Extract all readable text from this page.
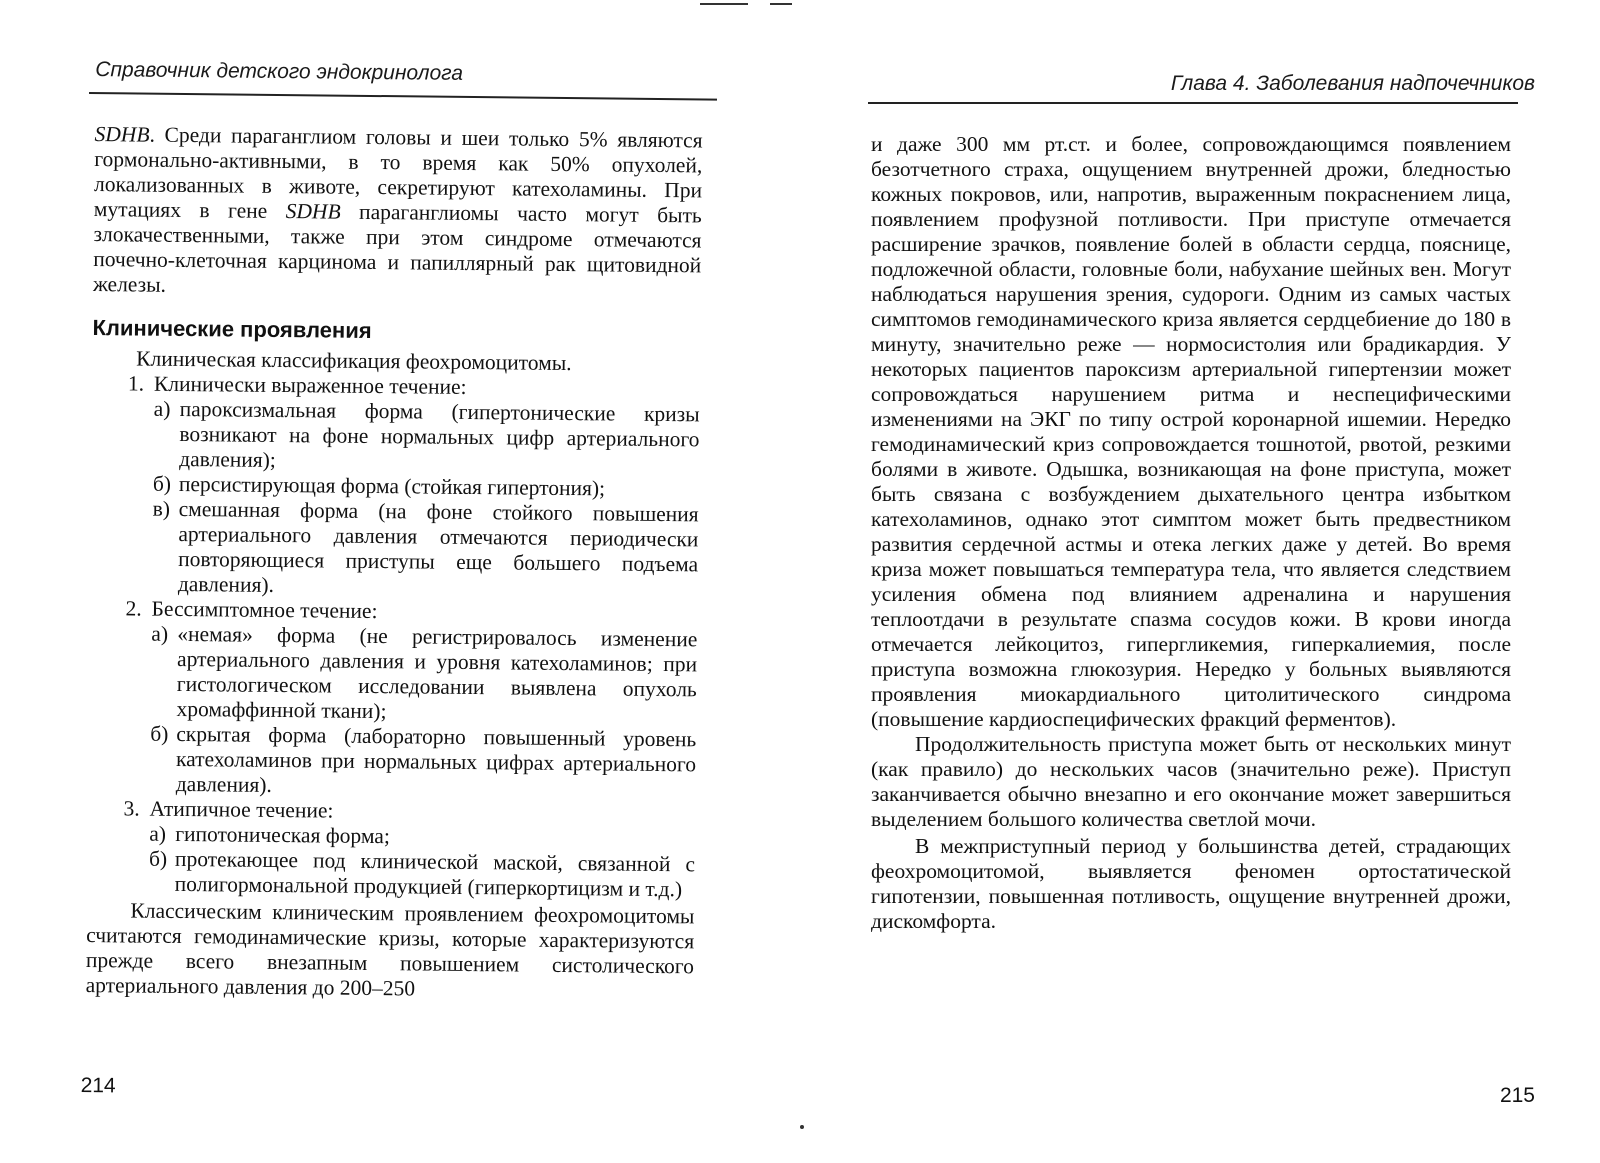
Справочник детского эндокринолога

SDHB. Среди параганглиом головы и шеи только 5% являются гормонально-активными, в то время как 50% опухолей, локализованных в животе, секретируют катехоламины. При мутациях в гене SDHB параганглиомы часто могут быть злокачественными, также при этом синдроме отмечаются почечно-клеточная карцинома и папиллярный рак щитовидной железы.

Клинические проявления

Клиническая классификация феохромоцитомы.

1. Клинически выраженное течение:
а) пароксизмальная форма (гипертонические кризы возникают на фоне нормальных цифр артериального давления);
б) персистирующая форма (стойкая гипертония);
в) смешанная форма (на фоне стойкого повышения артериального давления отмечаются периодически повторяющиеся приступы еще большего подъема давления).
2. Бессимптомное течение:
а) «немая» форма (не регистрировалось изменение артериального давления и уровня катехоламинов; при гистологическом исследовании выявлена опухоль хромаффинной ткани);
б) скрытая форма (лабораторно повышенный уровень катехоламинов при нормальных цифрах артериального давления).
3. Атипичное течение:
а) гипотоническая форма;
б) протекающее под клинической маской, связанной с полигормональной продукцией (гиперкортицизм и т.д.)

Классическим клиническим проявлением феохромоцитомы считаются гемодинамические кризы, которые характеризуются прежде всего внезапным повышением систолического артериального давления до 200–250

214
Глава 4. Заболевания надпочечников

и даже 300 мм рт.ст. и более, сопровождающимся появлением безотчетного страха, ощущением внутренней дрожи, бледностью кожных покровов, или, напротив, выраженным покраснением лица, появлением профузной потливости. При приступе отмечается расширение зрачков, появление болей в области сердца, пояснице, подложечной области, головные боли, набухание шейных вен. Могут наблюдаться нарушения зрения, судороги. Одним из самых частых симптомов гемодинамического криза является сердцебиение до 180 в минуту, значительно реже — нормосистолия или брадикардия. У некоторых пациентов пароксизм артериальной гипертензии может сопровождаться нарушением ритма и неспецифическими изменениями на ЭКГ по типу острой коронарной ишемии. Нередко гемодинамический криз сопровождается тошнотой, рвотой, резкими болями в животе. Одышка, возникающая на фоне приступа, может быть связана с возбуждением дыхательного центра избытком катехоламинов, однако этот симптом может быть предвестником развития сердечной астмы и отека легких даже у детей. Во время криза может повышаться температура тела, что является следствием усиления обмена под влиянием адреналина и нарушения теплоотдачи в результате спазма сосудов кожи. В крови иногда отмечается лейкоцитоз, гипергликемия, гиперкалиемия, после приступа возможна глюкозурия. Нередко у больных выявляются проявления миокардиального цитолитического синдрома (повышение кардиоспецифических фракций ферментов).

Продолжительность приступа может быть от нескольких минут (как правило) до нескольких часов (значительно реже). Приступ заканчивается обычно внезапно и его окончание может завершиться выделением большого количества светлой мочи.

В межприступный период у большинства детей, страдающих феохромоцитомой, выявляется феномен ортостатической гипотензии, повышенная потливость, ощущение внутренней дрожи, дискомфорта.

215
